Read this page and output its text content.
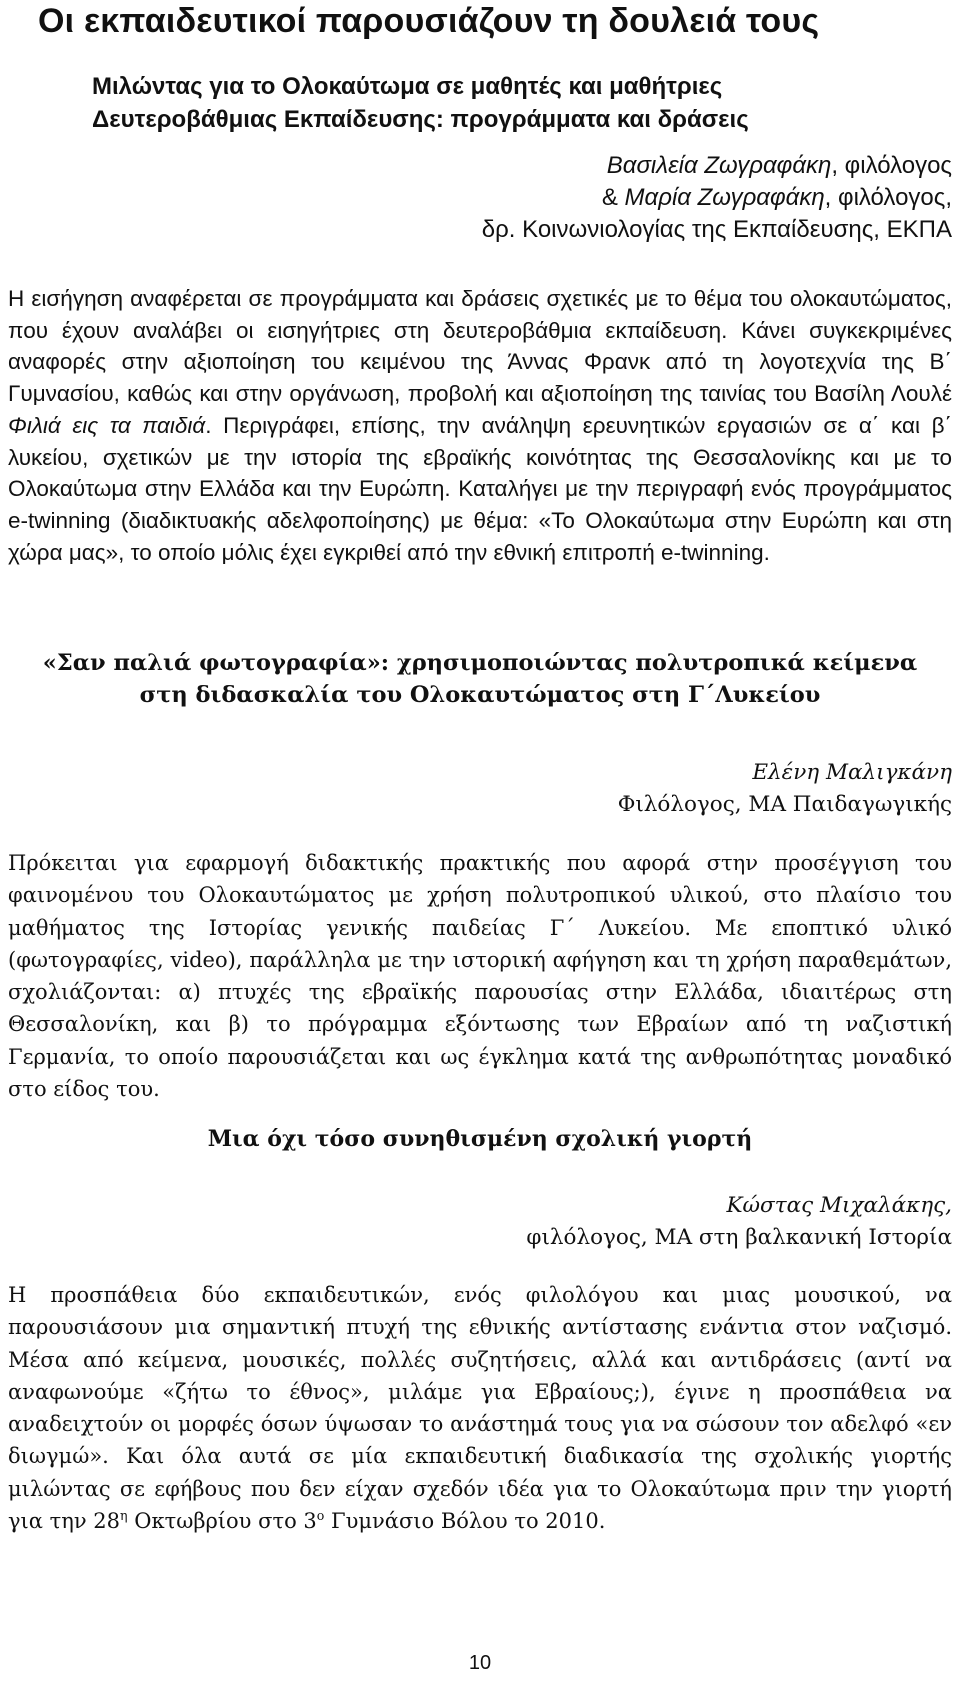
Οι εκπαιδευτικοί παρουσιάζουν τη δουλειά τους
Μιλώντας για το Ολοκαύτωμα σε μαθητές και μαθήτριες
Δευτεροβάθμιας Εκπαίδευσης: προγράμματα και δράσεις
Βασιλεία Ζωγραφάκη, φιλόλογος
& Μαρία Ζωγραφάκη, φιλόλογος,
δρ. Κοινωνιολογίας της Εκπαίδευσης, ΕΚΠΑ

Η εισήγηση αναφέρεται σε προγράμματα και δράσεις σχετικές με το θέμα του ολοκαυτώματος, που έχουν αναλάβει οι εισηγήτριες στη δευτεροβάθμια εκπαίδευση. Κάνει συγκεκριμένες αναφορές στην αξιοποίηση του κειμένου της Άννας Φρανκ από τη λογοτεχνία της Β΄ Γυμνασίου, καθώς και στην οργάνωση, προβολή και αξιοποίηση της ταινίας του Βασίλη Λουλέ Φιλιά εις τα παιδιά. Περιγράφει, επίσης, την ανάληψη ερευνητικών εργασιών σε α΄ και β΄ λυκείου, σχετικών με την ιστορία της εβραϊκής κοινότητας της Θεσσαλονίκης και με το Ολοκαύτωμα στην Ελλάδα και την Ευρώπη. Καταλήγει με την περιγραφή ενός προγράμματος e-twinning (διαδικτυακής αδελφοποίησης) με θέμα: «Το Ολοκαύτωμα στην Ευρώπη και στη χώρα μας», το οποίο μόλις έχει εγκριθεί από την εθνική επιτροπή e-twinning.

«Σαν παλιά φωτογραφία»: χρησιμοποιώντας πολυτροπικά κείμενα
στη διδασκαλία του Ολοκαυτώματος στη Γ΄Λυκείου
Ελένη Μαλιγκάνη
Φιλόλογος, ΜΑ Παιδαγωγικής

Πρόκειται για εφαρμογή διδακτικής πρακτικής που αφορά στην προσέγγιση του φαινομένου του Ολοκαυτώματος με χρήση πολυτροπικού υλικού, στο πλαίσιο του μαθήματος της Ιστορίας γενικής παιδείας Γ΄ Λυκείου. Με εποπτικό υλικό (φωτογραφίες, video), παράλληλα με την ιστορική αφήγηση και τη χρήση παραθεμάτων, σχολιάζονται: α) πτυχές της εβραϊκής παρουσίας στην Ελλάδα, ιδιαιτέρως στη Θεσσαλονίκη, και β) το πρόγραμμα εξόντωσης των Εβραίων από τη ναζιστική Γερμανία, το οποίο παρουσιάζεται και ως έγκλημα κατά της ανθρωπότητας μοναδικό στο είδος του.

Μια όχι τόσο συνηθισμένη σχολική γιορτή
Κώστας Μιχαλάκης,
φιλόλογος, ΜΑ στη βαλκανική Ιστορία

Η προσπάθεια δύο εκπαιδευτικών, ενός φιλολόγου και μιας μουσικού, να παρουσιάσουν μια σημαντική πτυχή της εθνικής αντίστασης ενάντια στον ναζισμό. Μέσα από κείμενα, μουσικές, πολλές συζητήσεις, αλλά και αντιδράσεις (αντί να αναφωνούμε «ζήτω το έθνος», μιλάμε για Εβραίους;), έγινε η προσπάθεια να αναδειχτούν οι μορφές όσων ύψωσαν το ανάστημά τους για να σώσουν τον αδελφό «εν διωγμώ». Και όλα αυτά σε μία εκπαιδευτική διαδικασία της σχολικής γιορτής μιλώντας σε εφήβους που δεν είχαν σχεδόν ιδέα για το Ολοκαύτωμα πριν την γιορτή για την $28^\eta$ Οκτωβρίου στο $3^o$ Γυμνάσιο Βόλου το 2010.

10
